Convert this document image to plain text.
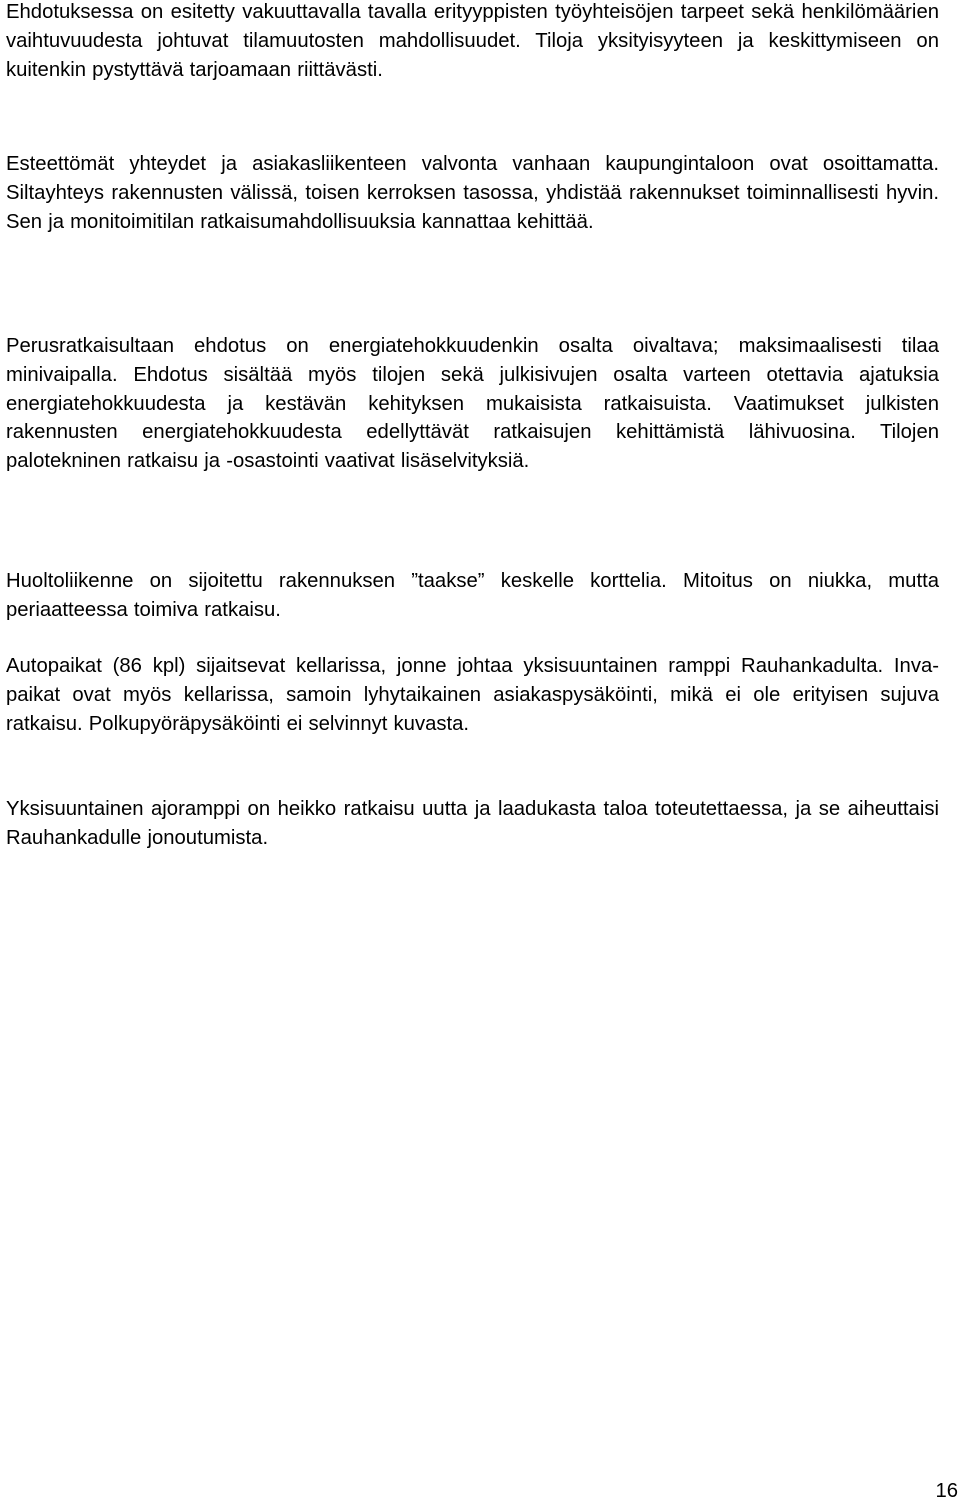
Ehdotuksessa on esitetty vakuuttavalla tavalla erityyppisten työyhteisöjen tarpeet sekä henkilömäärien vaihtuvuudesta johtuvat tilamuutosten mahdollisuudet. Tiloja yksityisyyteen ja keskittymiseen on kuitenkin pystyttävä tarjoamaan riittävästi.

Esteettömät yhteydet ja asiakasliikenteen valvonta vanhaan kaupungintaloon ovat osoittamatta. Siltayhteys rakennusten välissä, toisen kerroksen tasossa, yhdistää rakennukset toiminnallisesti hyvin. Sen ja monitoimitilan ratkaisumahdollisuuksia kannattaa kehittää.

Perusratkaisultaan ehdotus on energiatehokkuudenkin osalta oivaltava; maksimaalisesti tilaa minivaipalla. Ehdotus sisältää myös tilojen sekä julkisivujen osalta varteen otettavia ajatuksia energiatehokkuudesta ja kestävän kehityksen mukaisista ratkaisuista. Vaatimukset julkisten rakennusten energiatehokkuudesta edellyttävät ratkaisujen kehittämistä lähivuosina. Tilojen palotekninen ratkaisu ja -osastointi vaativat lisäselvityksiä.

Huoltoliikenne on sijoitettu rakennuksen ”taakse” keskelle korttelia. Mitoitus on niukka, mutta periaatteessa toimiva ratkaisu.

Autopaikat (86 kpl) sijaitsevat kellarissa, jonne johtaa yksisuuntainen ramppi Rauhankadulta. Inva-paikat ovat myös kellarissa, samoin lyhytaikainen asiakaspysäköinti, mikä ei ole erityisen sujuva ratkaisu. Polkupyöräpysäköinti ei selvinnyt kuvasta.

Yksisuuntainen ajoramppi on heikko ratkaisu uutta ja laadukasta taloa toteutettaessa, ja se aiheuttaisi Rauhankadulle jonoutumista.

16
